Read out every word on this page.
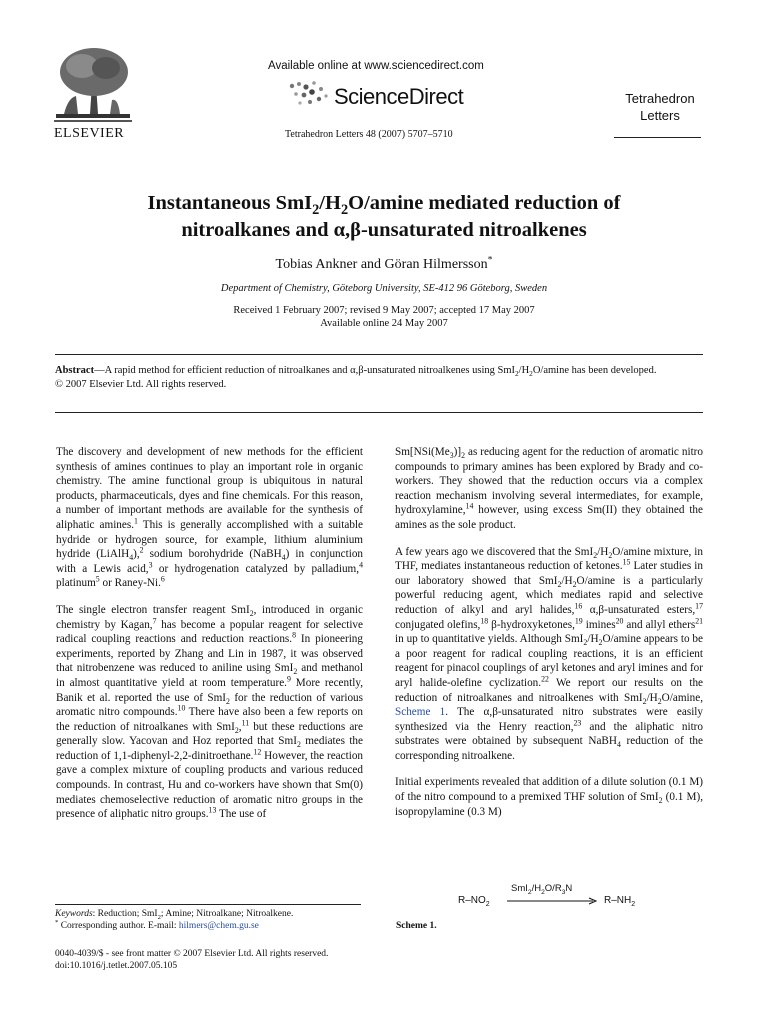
ELSEVIER
Available online at www.sciencedirect.com
ScienceDirect
Tetrahedron Letters 48 (2007) 5707–5710
Tetrahedron
Letters
Instantaneous $SmI_2/H_2O$/amine mediated reduction of
nitroalkanes and α,β-unsaturated nitroalkenes
Tobias Ankner and Göran Hilmersson*
Department of Chemistry, Göteborg University, SE-412 96 Göteborg, Sweden
Received 1 February 2007; revised 9 May 2007; accepted 17 May 2007
Available online 24 May 2007
Abstract—A rapid method for efficient reduction of nitroalkanes and α,β-unsaturated nitroalkenes using $SmI_2/H_2O$/amine has been developed.
© 2007 Elsevier Ltd. All rights reserved.

The discovery and development of new methods for the efficient synthesis of amines continues to play an important role in organic chemistry. The amine functional group is ubiquitous in natural products, pharmaceuticals, dyes and fine chemicals. For this reason, a number of important methods are available for the synthesis of aliphatic amines.$^1$ This is generally accomplished with a suitable hydride or hydrogen source, for example, lithium aluminium hydride (LiAlH$_4$),$^2$ sodium borohydride (NaBH$_4$) in conjunction with a Lewis acid,$^3$ or hydrogenation catalyzed by palladium,$^4$ platinum$^5$ or Raney-Ni.$^6$

The single electron transfer reagent SmI$_2$, introduced in organic chemistry by Kagan,$^7$ has become a popular reagent for selective radical coupling reactions and reduction reactions.$^8$ In pioneering experiments, reported by Zhang and Lin in 1987, it was observed that nitrobenzene was reduced to aniline using SmI$_2$ and methanol in almost quantitative yield at room temperature.$^9$ More recently, Banik et al. reported the use of SmI$_2$ for the reduction of various aromatic nitro compounds.$^{10}$ There have also been a few reports on the reduction of nitroalkanes with SmI$_2$,$^{11}$ but these reductions are generally slow. Yacovan and Hoz reported that SmI$_2$ mediates the reduction of 1,1-diphenyl-2,2-dinitroethane.$^{12}$ However, the reaction gave a complex mixture of coupling products and various reduced compounds. In contrast, Hu and co-workers have shown that Sm(0) mediates chemoselective reduction of aromatic nitro groups in the presence of aliphatic nitro groups.$^{13}$ The use of

$Sm[NSi(Me_3)]_2$ as reducing agent for the reduction of aromatic nitro compounds to primary amines has been explored by Brady and co-workers. They showed that the reduction occurs via a complex reaction mechanism involving several intermediates, for example, hydroxylamine,$^{14}$ however, using excess Sm(II) they obtained the amines as the sole product.

A few years ago we discovered that the $SmI_2/H_2O$/amine mixture, in THF, mediates instantaneous reduction of ketones.$^{15}$ Later studies in our laboratory showed that $SmI_2/H_2O$/amine is a particularly powerful reducing agent, which mediates rapid and selective reduction of alkyl and aryl halides,$^{16}$ α,β-unsaturated esters,$^{17}$ conjugated olefins,$^{18}$ β-hydroxyketones,$^{19}$ imines$^{20}$ and allyl ethers$^{21}$ in up to quantitative yields. Although $SmI_2/H_2O$/amine appears to be a poor reagent for radical coupling reactions, it is an efficient reagent for pinacol couplings of aryl ketones and aryl imines and for aryl halide-olefine cyclization.$^{22}$ We report our results on the reduction of nitroalkanes and nitroalkenes with $SmI_2/H_2O$/amine, Scheme 1. The α,β-unsaturated nitro substrates were easily synthesized via the Henry reaction,$^{23}$ and the aliphatic nitro substrates were obtained by subsequent NaBH$_4$ reduction of the corresponding nitroalkene.

Initial experiments revealed that addition of a dilute solution (0.1 M) of the nitro compound to a premixed THF solution of SmI$_2$ (0.1 M), isopropylamine (0.3 M)

$R-NO_2$
$SmI_2/H_2O/R_3N$
$R-NH_2$
Scheme 1.
Keywords: Reduction; SmI$_2$; Amine; Nitroalkane; Nitroalkene.
* Corresponding author. E-mail: hilmers@chem.gu.se
0040-4039/$ - see front matter © 2007 Elsevier Ltd. All rights reserved.
doi:10.1016/j.tetlet.2007.05.105
